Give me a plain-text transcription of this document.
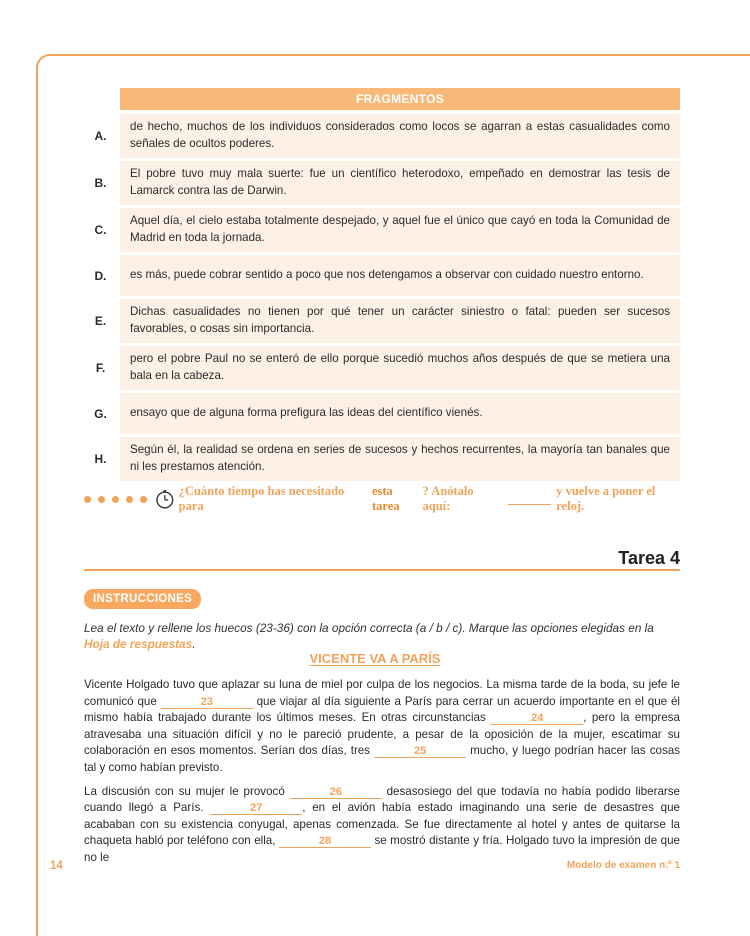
FRAGMENTOS
A.
de hecho, muchos de los individuos considerados como locos se agarran a estas casualidades como señales de ocultos poderes.
B.
El pobre tuvo muy mala suerte: fue un científico heterodoxo, empeñado en demostrar las tesis de Lamarck contra las de Darwin.
C.
Aquel día, el cielo estaba totalmente despejado, y aquel fue el único que cayó en toda la Comunidad de Madrid en toda la jornada.
D.	es más, puede cobrar sentido a poco que nos detengamos a observar con cuidado nuestro entorno.
E.
Dichas casualidades no tienen por qué tener un carácter siniestro o fatal: pueden ser sucesos favorables, o cosas sin importancia.
F.
pero el pobre Paul no se enteró de ello porque sucedió muchos años después de que se metiera una bala en la cabeza.
G.	ensayo que de alguna forma prefigura las ideas del científico vienés.
H.
Según él, la realidad se ordena en series de sucesos y hechos recurrentes, la mayoría tan banales que ni les prestamos atención.
¿Cuánto tiempo has necesitado para
esta tarea
? Anótalo aquí:
y vuelve a poner el reloj.
Tarea 4
INSTRUCCIONES
Lea el texto y rellene los huecos (23-36) con la opción correcta (a / b / c). Marque las opciones elegidas en la Hoja de respuestas.
VICENTE VA A PARÍS

Vicente Holgado tuvo que aplazar su luna de miel por culpa de los negocios. La misma tarde de la boda, su jefe le comunicó que	23	que viajar al día siguiente a París para cerrar un acuerdo importante en el que él mismo había trabajado durante los últimos meses. En otras circunstancias	24	, pero la empresa atravesaba una situación difícil y no le pareció prudente, a pesar de la oposición de la mujer, escatimar su colaboración en esos momentos. Serían dos días, tres	25	mucho, y luego podrían hacer las cosas tal y como habían previsto.

La discusión con su mujer le provocó	26	desasosiego del que todavía no había podido liberarse cuando llegó a París.	27	, en el avión había estado imaginando una serie de desastres que acababan con su existencia conyugal, apenas comenzada. Se fue directamente al hotel y antes de quitarse la chaqueta habló por teléfono con ella,	28	se mostró distante y fría. Holgado tuvo la impresión de que no le

14	Modelo de examen n.º 1
